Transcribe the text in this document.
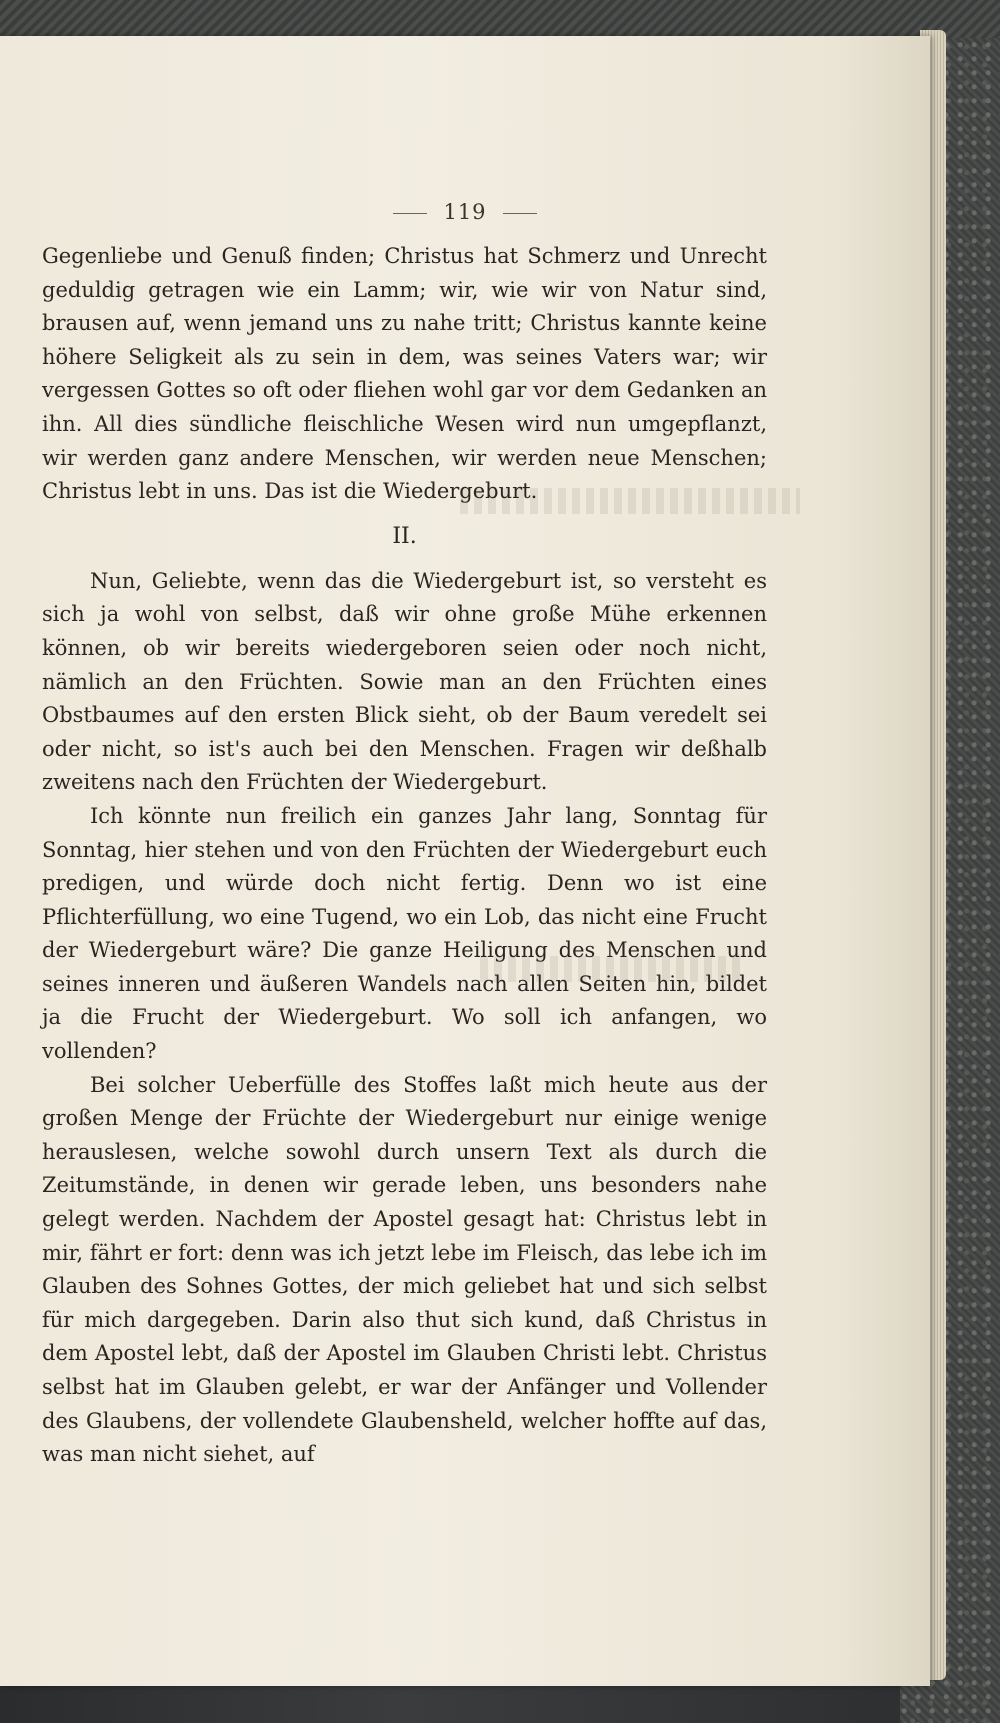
119

Gegenliebe und Genuß finden; Christus hat Schmerz und Unrecht geduldig getragen wie ein Lamm; wir, wie wir von Natur sind, brausen auf, wenn jemand uns zu nahe tritt; Christus kannte keine höhere Seligkeit als zu sein in dem, was seines Vaters war; wir vergessen Gottes so oft oder fliehen wohl gar vor dem Gedanken an ihn. All dies sündliche fleischliche Wesen wird nun umgepflanzt, wir werden ganz andere Menschen, wir werden neue Menschen; Christus lebt in uns. Das ist die Wiedergeburt.

II.

Nun, Geliebte, wenn das die Wiedergeburt ist, so versteht es sich ja wohl von selbst, daß wir ohne große Mühe erkennen können, ob wir bereits wiedergeboren seien oder noch nicht, nämlich an den Früchten. Sowie man an den Früchten eines Obstbaumes auf den ersten Blick sieht, ob der Baum veredelt sei oder nicht, so ist's auch bei den Menschen. Fragen wir deßhalb zweitens nach den Früchten der Wiedergeburt.

Ich könnte nun freilich ein ganzes Jahr lang, Sonntag für Sonntag, hier stehen und von den Früchten der Wiedergeburt euch predigen, und würde doch nicht fertig. Denn wo ist eine Pflichterfüllung, wo eine Tugend, wo ein Lob, das nicht eine Frucht der Wiedergeburt wäre? Die ganze Heiligung des Menschen und seines inneren und äußeren Wandels nach allen Seiten hin, bildet ja die Frucht der Wiedergeburt. Wo soll ich anfangen, wo vollenden?

Bei solcher Ueberfülle des Stoffes laßt mich heute aus der großen Menge der Früchte der Wiedergeburt nur einige wenige herauslesen, welche sowohl durch unsern Text als durch die Zeitumstände, in denen wir gerade leben, uns besonders nahe gelegt werden. Nachdem der Apostel gesagt hat: Christus lebt in mir, fährt er fort: denn was ich jetzt lebe im Fleisch, das lebe ich im Glauben des Sohnes Gottes, der mich geliebet hat und sich selbst für mich dargegeben. Darin also thut sich kund, daß Christus in dem Apostel lebt, daß der Apostel im Glauben Christi lebt. Christus selbst hat im Glauben gelebt, er war der Anfänger und Vollender des Glaubens, der vollendete Glaubensheld, welcher hoffte auf das, was man nicht siehet, auf
